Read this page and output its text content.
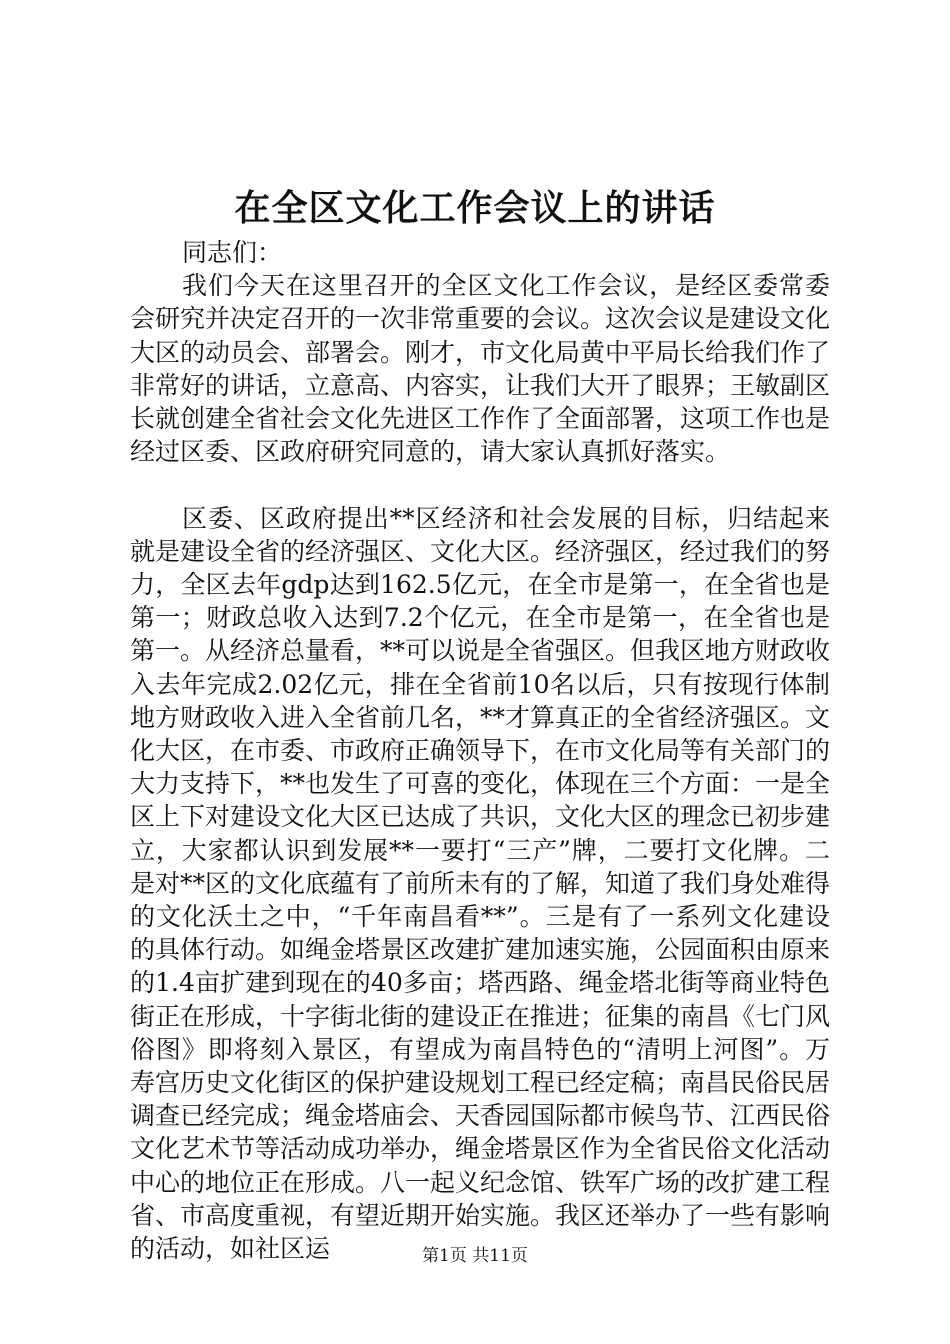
在全区文化工作会议上的讲话

同志们：

我们今天在这里召开的全区文化工作会议，是经区委常委会研究并决定召开的一次非常重要的会议。这次会议是建设文化大区的动员会、部署会。刚才，市文化局黄中平局长给我们作了非常好的讲话，立意高、内容实，让我们大开了眼界；王敏副区长就创建全省社会文化先进区工作作了全面部署，这项工作也是经过区委、区政府研究同意的，请大家认真抓好落实。

区委、区政府提出**区经济和社会发展的目标，归结起来就是建设全省的经济强区、文化大区。经济强区，经过我们的努力，全区去年gdp达到162.5亿元，在全市是第一，在全省也是第一；财政总收入达到7.2个亿元，在全市是第一，在全省也是第一。从经济总量看，**可以说是全省强区。但我区地方财政收入去年完成2.02亿元，排在全省前10名以后，只有按现行体制地方财政收入进入全省前几名，**才算真正的全省经济强区。文化大区，在市委、市政府正确领导下，在市文化局等有关部门的大力支持下，**也发生了可喜的变化，体现在三个方面：一是全区上下对建设文化大区已达成了共识，文化大区的理念已初步建立，大家都认识到发展**一要打“三产”牌，二要打文化牌。二是对**区的文化底蕴有了前所未有的了解，知道了我们身处难得的文化沃土之中，“千年南昌看**”。三是有了一系列文化建设的具体行动。如绳金塔景区改建扩建加速实施，公园面积由原来的1.4亩扩建到现在的40多亩；塔西路、绳金塔北街等商业特色街正在形成，十字街北街的建设正在推进；征集的南昌《七门风俗图》即将刻入景区，有望成为南昌特色的“清明上河图”。万寿宫历史文化街区的保护建设规划工程已经定稿；南昌民俗民居调查已经完成；绳金塔庙会、天香园国际都市候鸟节、江西民俗文化艺术节等活动成功举办，绳金塔景区作为全省民俗文化活动中心的地位正在形成。八一起义纪念馆、铁军广场的改扩建工程省、市高度重视，有望近期开始实施。我区还举办了一些有影响的活动，如社区运	第1页 共11页
